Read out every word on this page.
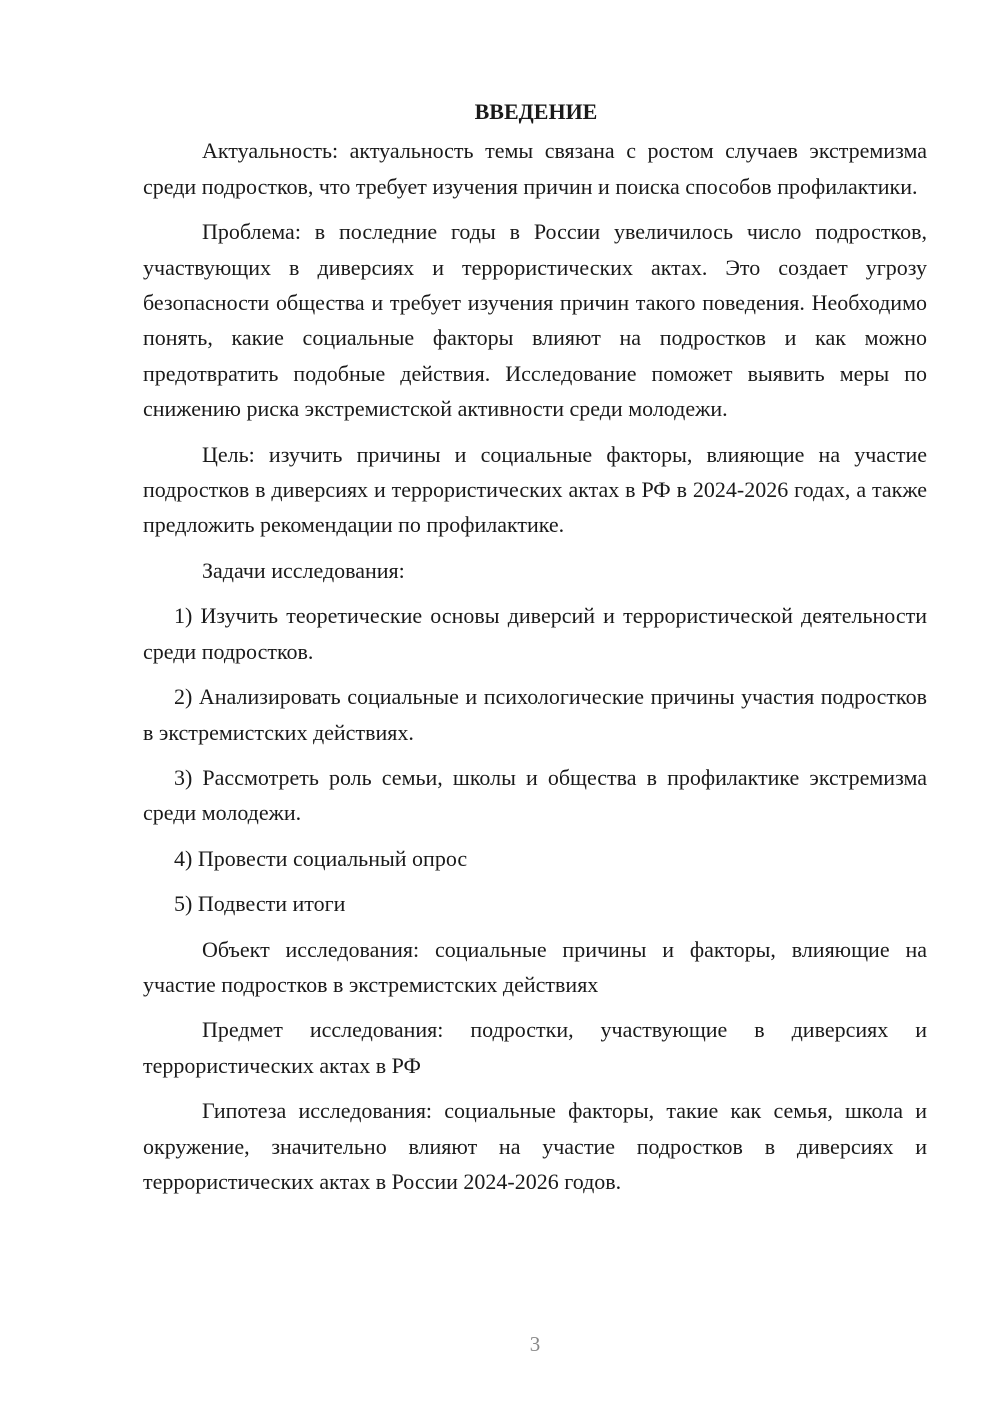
ВВЕДЕНИЕ

Актуальность: актуальность темы связана с ростом случаев экстремизма среди подростков, что требует изучения причин и поиска способов профилактики.

Проблема: в последние годы в России увеличилось число подростков, участвующих в диверсиях и террористических актах. Это создает угрозу безопасности общества и требует изучения причин такого поведения. Необходимо понять, какие социальные факторы влияют на подростков и как можно предотвратить подобные действия. Исследование поможет выявить меры по снижению риска экстремистской активности среди молодежи.

Цель: изучить причины и социальные факторы, влияющие на участие подростков в диверсиях и террористических актах в РФ в 2024-2026 годах, а также предложить рекомендации по профилактике.

Задачи исследования:

1) Изучить теоретические основы диверсий и террористической деятельности среди подростков.

2) Анализировать социальные и психологические причины участия подростков в экстремистских действиях.

3) Рассмотреть роль семьи, школы и общества в профилактике экстремизма среди молодежи.

4) Провести социальный опрос

5) Подвести итоги

Объект исследования: социальные причины и факторы, влияющие на участие подростков в экстремистских действиях

Предмет исследования: подростки, участвующие в диверсиях и террористических актах в РФ

Гипотеза исследования: социальные факторы, такие как семья, школа и окружение, значительно влияют на участие подростков в диверсиях и террористических актах в России 2024-2026 годов.

3
